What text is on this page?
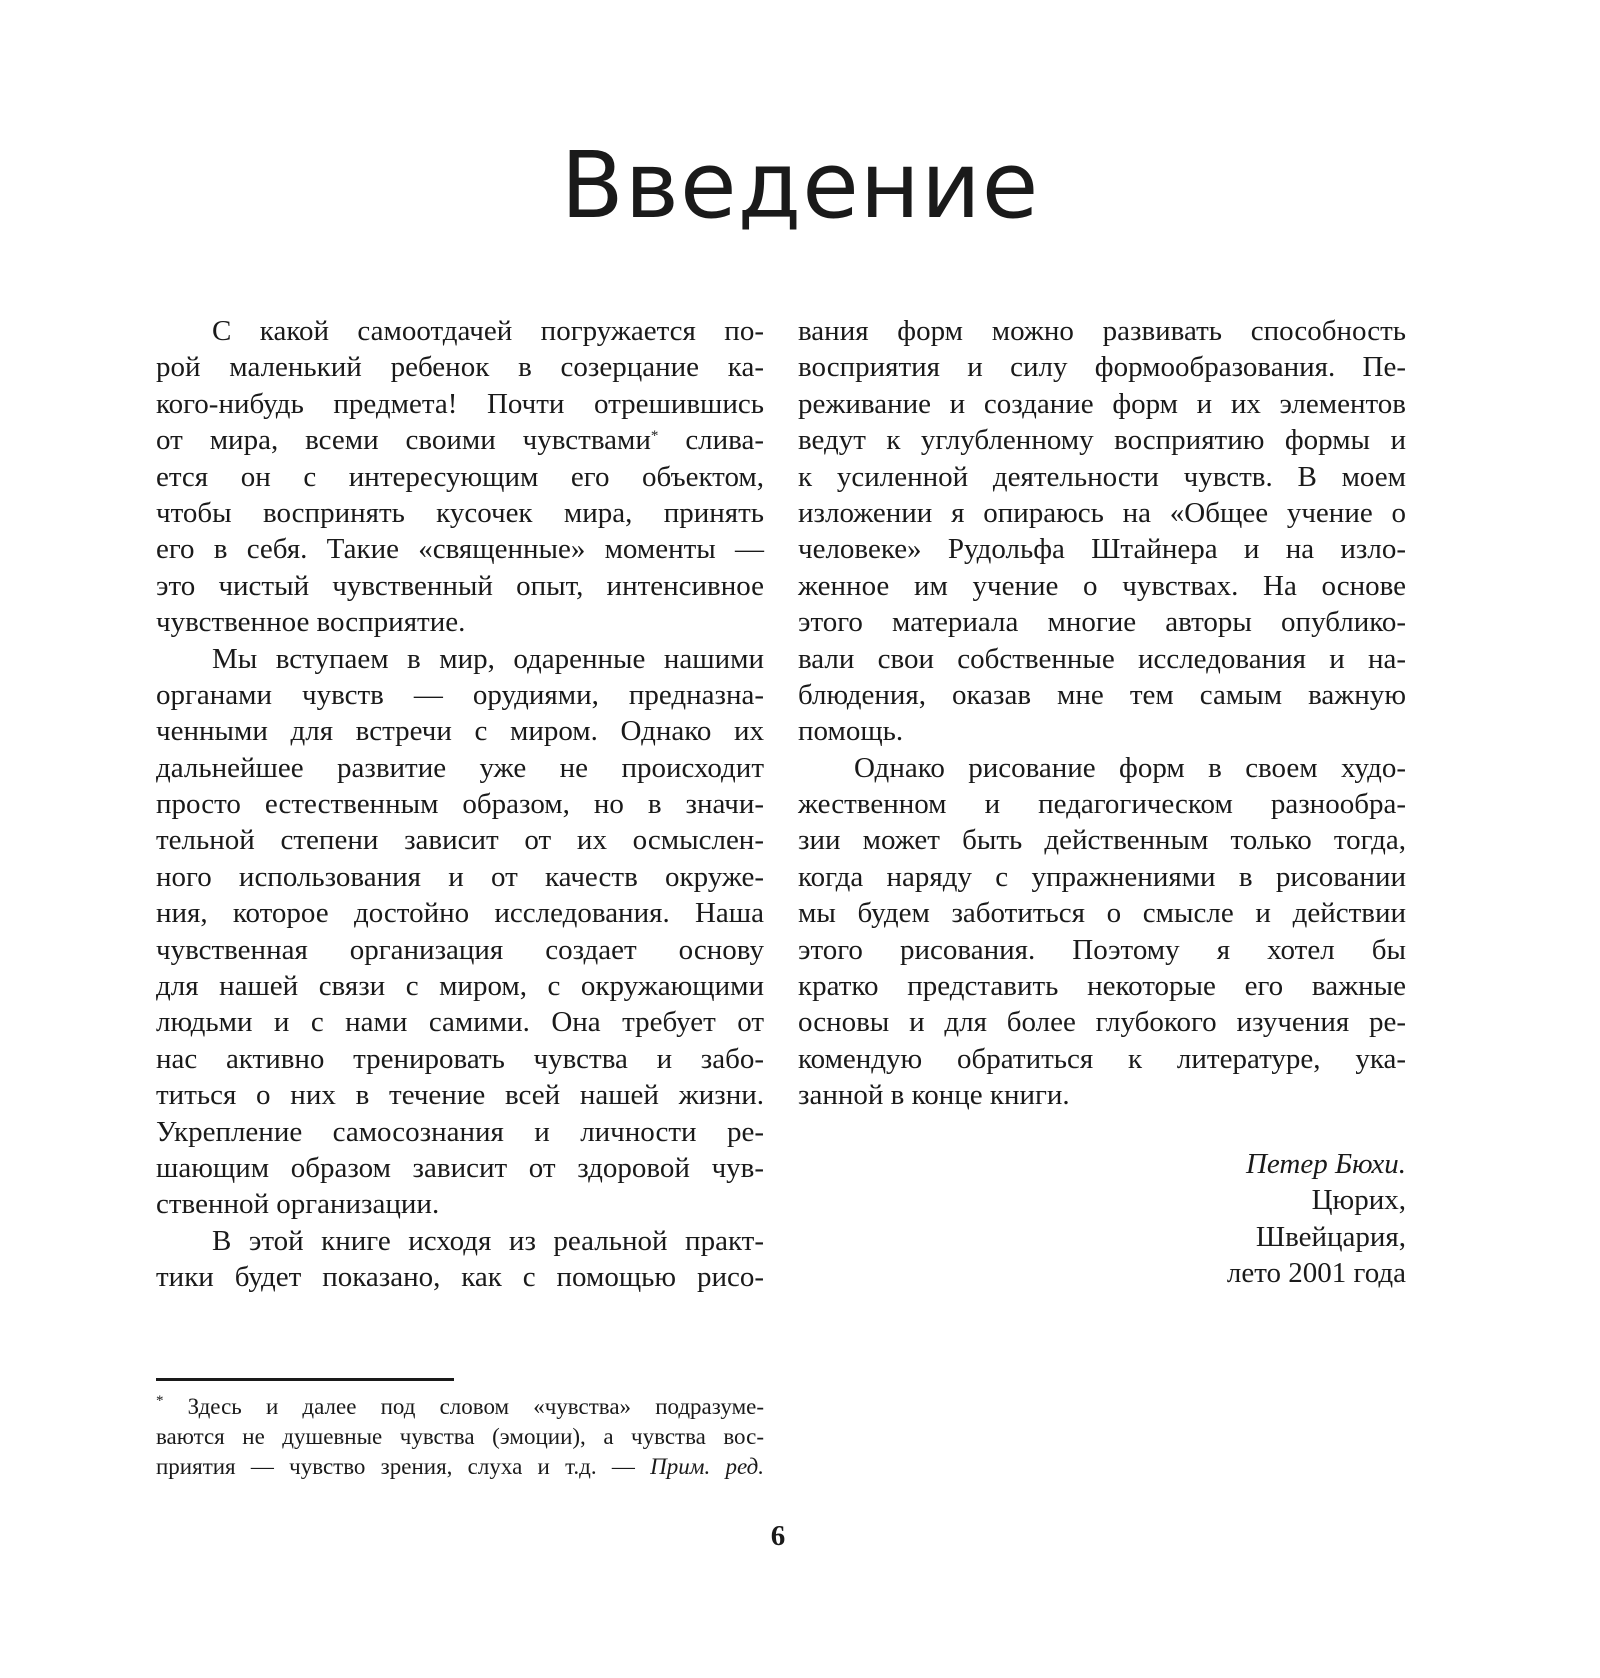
Введение
С какой самоотдачей погружается по-
рой маленький ребенок в созерцание ка-
кого-нибудь предмета! Почти отрешившись
от мира, всеми своими чувствами* слива-
ется он с интересующим его объектом,
чтобы воспринять кусочек мира, принять
его в себя. Такие «священные» моменты —
это чистый чувственный опыт, интенсивное
чувственное восприятие.
Мы вступаем в мир, одаренные нашими
органами чувств — орудиями, предназна-
ченными для встречи с миром. Однако их
дальнейшее развитие уже не происходит
просто естественным образом, но в значи-
тельной степени зависит от их осмыслен-
ного использования и от качеств окруже-
ния, которое достойно исследования. Наша
чувственная организация создает основу
для нашей связи с миром, с окружающими
людьми и с нами самими. Она требует от
нас активно тренировать чувства и забо-
титься о них в течение всей нашей жизни.
Укрепление самосознания и личности ре-
шающим образом зависит от здоровой чув-
ственной организации.
В этой книге исходя из реальной практ-
тики будет показано, как с помощью рисо-
вания форм можно развивать способность
восприятия и силу формообразования. Пе-
реживание и создание форм и их элементов
ведут к углубленному восприятию формы и
к усиленной деятельности чувств. В моем
изложении я опираюсь на «Общее учение о
человеке» Рудольфа Штайнера и на изло-
женное им учение о чувствах. На основе
этого материала многие авторы опублико-
вали свои собственные исследования и на-
блюдения, оказав мне тем самым важную
помощь.
Однако рисование форм в своем худо-
жественном и педагогическом разнообра-
зии может быть действенным только тогда,
когда наряду с упражнениями в рисовании
мы будем заботиться о смысле и действии
этого рисования. Поэтому я хотел бы
кратко представить некоторые его важные
основы и для более глубокого изучения ре-
комендую обратиться к литературе, ука-
занной в конце книги.
Петер Бюхи.
Цюрих,
Швейцария,
лето 2001 года
* Здесь и далее под словом «чувства» подразуме-
ваются не душевные чувства (эмоции), а чувства вос-
приятия — чувство зрения, слуха и т.д. — Прим. ред.
6
